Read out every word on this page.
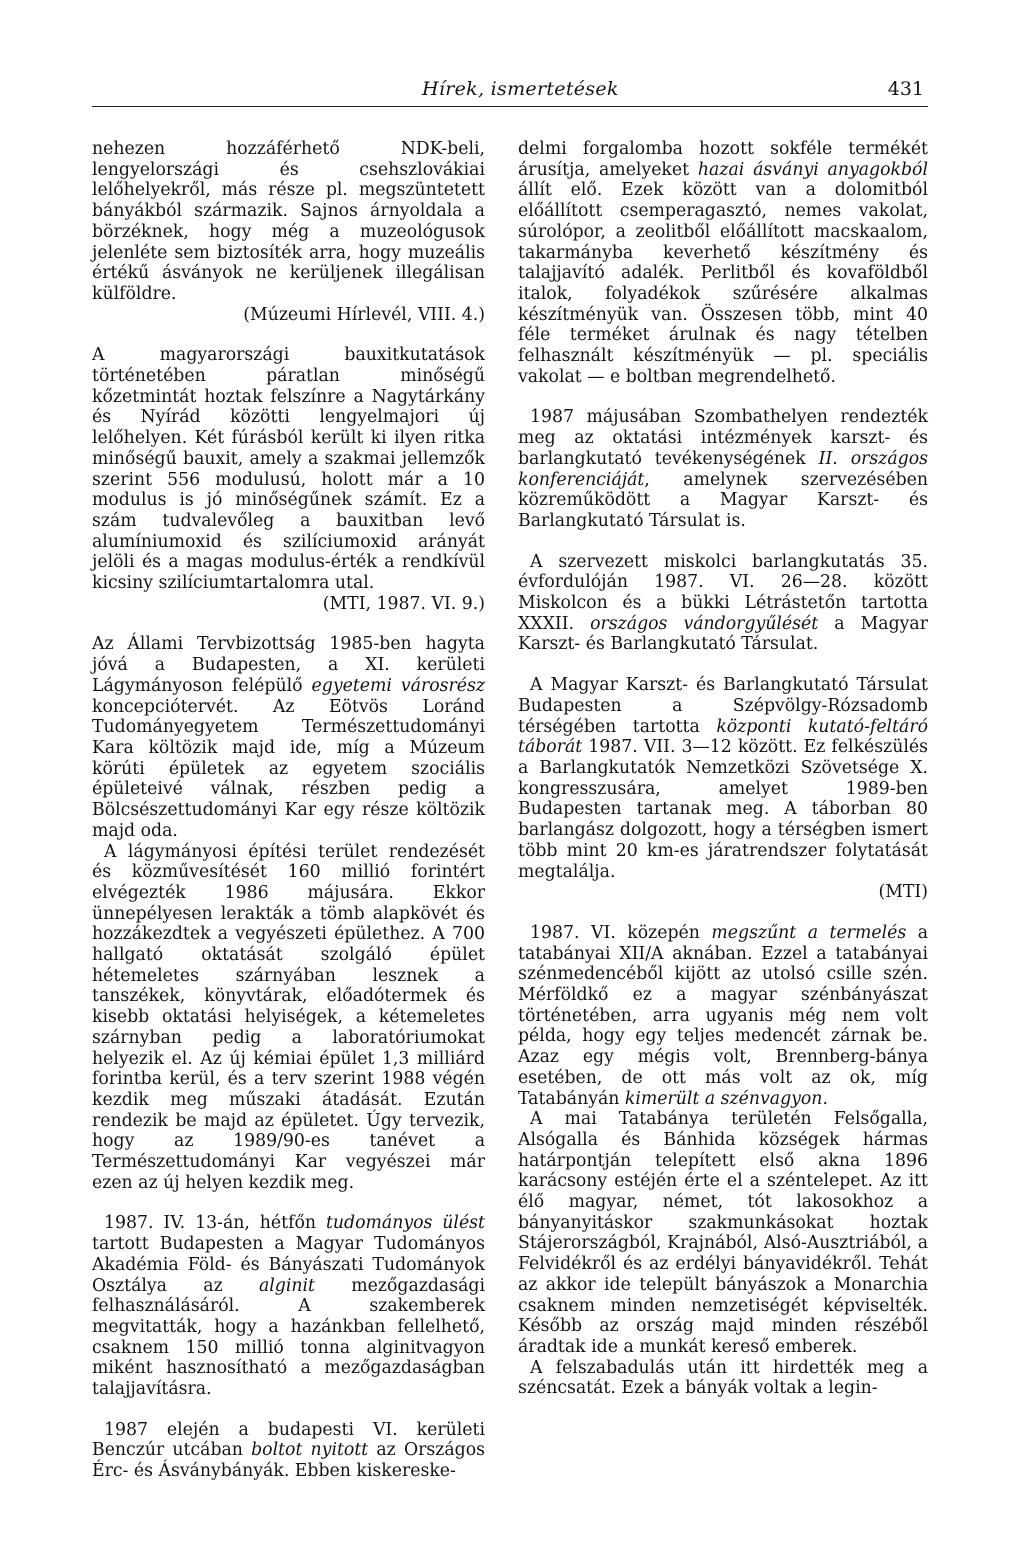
Hírek, ismertetések	431

nehezen hozzáférhető NDK-beli, lengyelországi és csehszlovákiai lelőhelyekről, más része pl. megszüntetett bányákból származik. Sajnos árnyoldala a börzéknek, hogy még a muzeológusok jelenléte sem biztosíték arra, hogy muzeális értékű ásványok ne kerüljenek illegálisan külföldre.
(Múzeumi Hírlevél, VIII. 4.)

A magyarországi bauxitkutatások történetében páratlan minőségű kőzetmintát hoztak felszínre a Nagytárkány és Nyírád közötti lengyelmajori új lelőhelyen. Két fúrásból került ki ilyen ritka minőségű bauxit, amely a szakmai jellemzők szerint 556 modulusú, holott már a 10 modulus is jó minőségűnek számít. Ez a szám tudvalevőleg a bauxitban levő alumíniumoxid és szilíciumoxid arányát jelöli és a magas modulus-érték a rendkívül kicsiny szilíciumtartalomra utal.
(MTI, 1987. VI. 9.)

Az Állami Tervbizottság 1985-ben hagyta jóvá a Budapesten, a XI. kerületi Lágymányoson felépülő egyetemi városrész koncepciótervét. Az Eötvös Loránd Tudományegyetem Természettudományi Kara költözik majd ide, míg a Múzeum körúti épületek az egyetem szociális épületeivé válnak, részben pedig a Bölcsészettudományi Kar egy része költözik majd oda.

A lágymányosi építési terület rendezését és közművesítését 160 millió forintért elvégezték 1986 májusára. Ekkor ünnepélyesen lerakták a tömb alapkövét és hozzákezdtek a vegyészeti épülethez. A 700 hallgató oktatását szolgáló épület hétemeletes szárnyában lesznek a tanszékek, könyvtárak, előadótermek és kisebb oktatási helyiségek, a kétemeletes szárnyban pedig a laboratóriumokat helyezik el. Az új kémiai épület 1,3 milliárd forintba kerül, és a terv szerint 1988 végén kezdik meg műszaki átadását. Ezután rendezik be majd az épületet. Úgy tervezik, hogy az 1989/90-es tanévet a Természettudományi Kar vegyészei már ezen az új helyen kezdik meg.

1987. IV. 13-án, hétfőn tudományos ülést tartott Budapesten a Magyar Tudományos Akadémia Föld- és Bányászati Tudományok Osztálya az alginit mezőgazdasági felhasználásáról. A szakemberek megvitatták, hogy a hazánkban fellelhető, csaknem 150 millió tonna alginitvagyon miként hasznosítható a mezőgazdaságban talajjavításra.

1987 elején a budapesti VI. kerületi Benczúr utcában boltot nyitott az Országos Érc- és Ásványbányák. Ebben kiskereske-

delmi forgalomba hozott sokféle termékét árusítja, amelyeket hazai ásványi anyagokból állít elő. Ezek között van a dolomitból előállított csemperagasztó, nemes vakolat, súrolópor, a zeolitből előállított macskaalom, takarmányba keverhető készítmény és talajjavító adalék. Perlitből és kovaföldből italok, folyadékok szűrésére alkalmas készítményük van. Összesen több, mint 40 féle terméket árulnak és nagy tételben felhasznált készítményük — pl. speciális vakolat — e boltban megrendelhető.

1987 májusában Szombathelyen rendezték meg az oktatási intézmények karszt- és barlangkutató tevékenységének II. országos konferenciáját, amelynek szervezésében közreműködött a Magyar Karszt- és Barlangkutató Társulat is.

A szervezett miskolci barlangkutatás 35. évfordulóján 1987. VI. 26—28. között Miskolcon és a bükki Létrástetőn tartotta XXXII. országos vándorgyűlését a Magyar Karszt- és Barlangkutató Társulat.

A Magyar Karszt- és Barlangkutató Társulat Budapesten a Szépvölgy-Rózsadomb térségében tartotta központi kutató-feltáró táborát 1987. VII. 3—12 között. Ez felkészülés a Barlangkutatók Nemzetközi Szövetsége X. kongresszusára, amelyet 1989-ben Budapesten tartanak meg. A táborban 80 barlangász dolgozott, hogy a térségben ismert több mint 20 km-es járatrendszer folytatását megtalálja.
(MTI)

1987. VI. közepén megszűnt a termelés a tatabányai XII/A aknában. Ezzel a tatabányai szénmedencéből kijött az utolsó csille szén. Mérföldkő ez a magyar szénbányászat történetében, arra ugyanis még nem volt példa, hogy egy teljes medencét zárnak be. Azaz egy mégis volt, Brennberg-bánya esetében, de ott más volt az ok, míg Tatabányán kimerült a szénvagyon.

A mai Tatabánya területén Felsőgalla, Alsógalla és Bánhida községek hármas határpontján telepített első akna 1896 karácsony estéjén érte el a széntelepet. Az itt élő magyar, német, tót lakosokhoz a bányanyitáskor szakmunkásokat hoztak Stájerországból, Krajnából, Alsó-Ausztriából, a Felvidékről és az erdélyi bányavidékről. Tehát az akkor ide települt bányászok a Monarchia csaknem minden nemzetiségét képviselték. Később az ország majd minden részéből áradtak ide a munkát kereső emberek.

A felszabadulás után itt hirdették meg a széncsatát. Ezek a bányák voltak a legin-
